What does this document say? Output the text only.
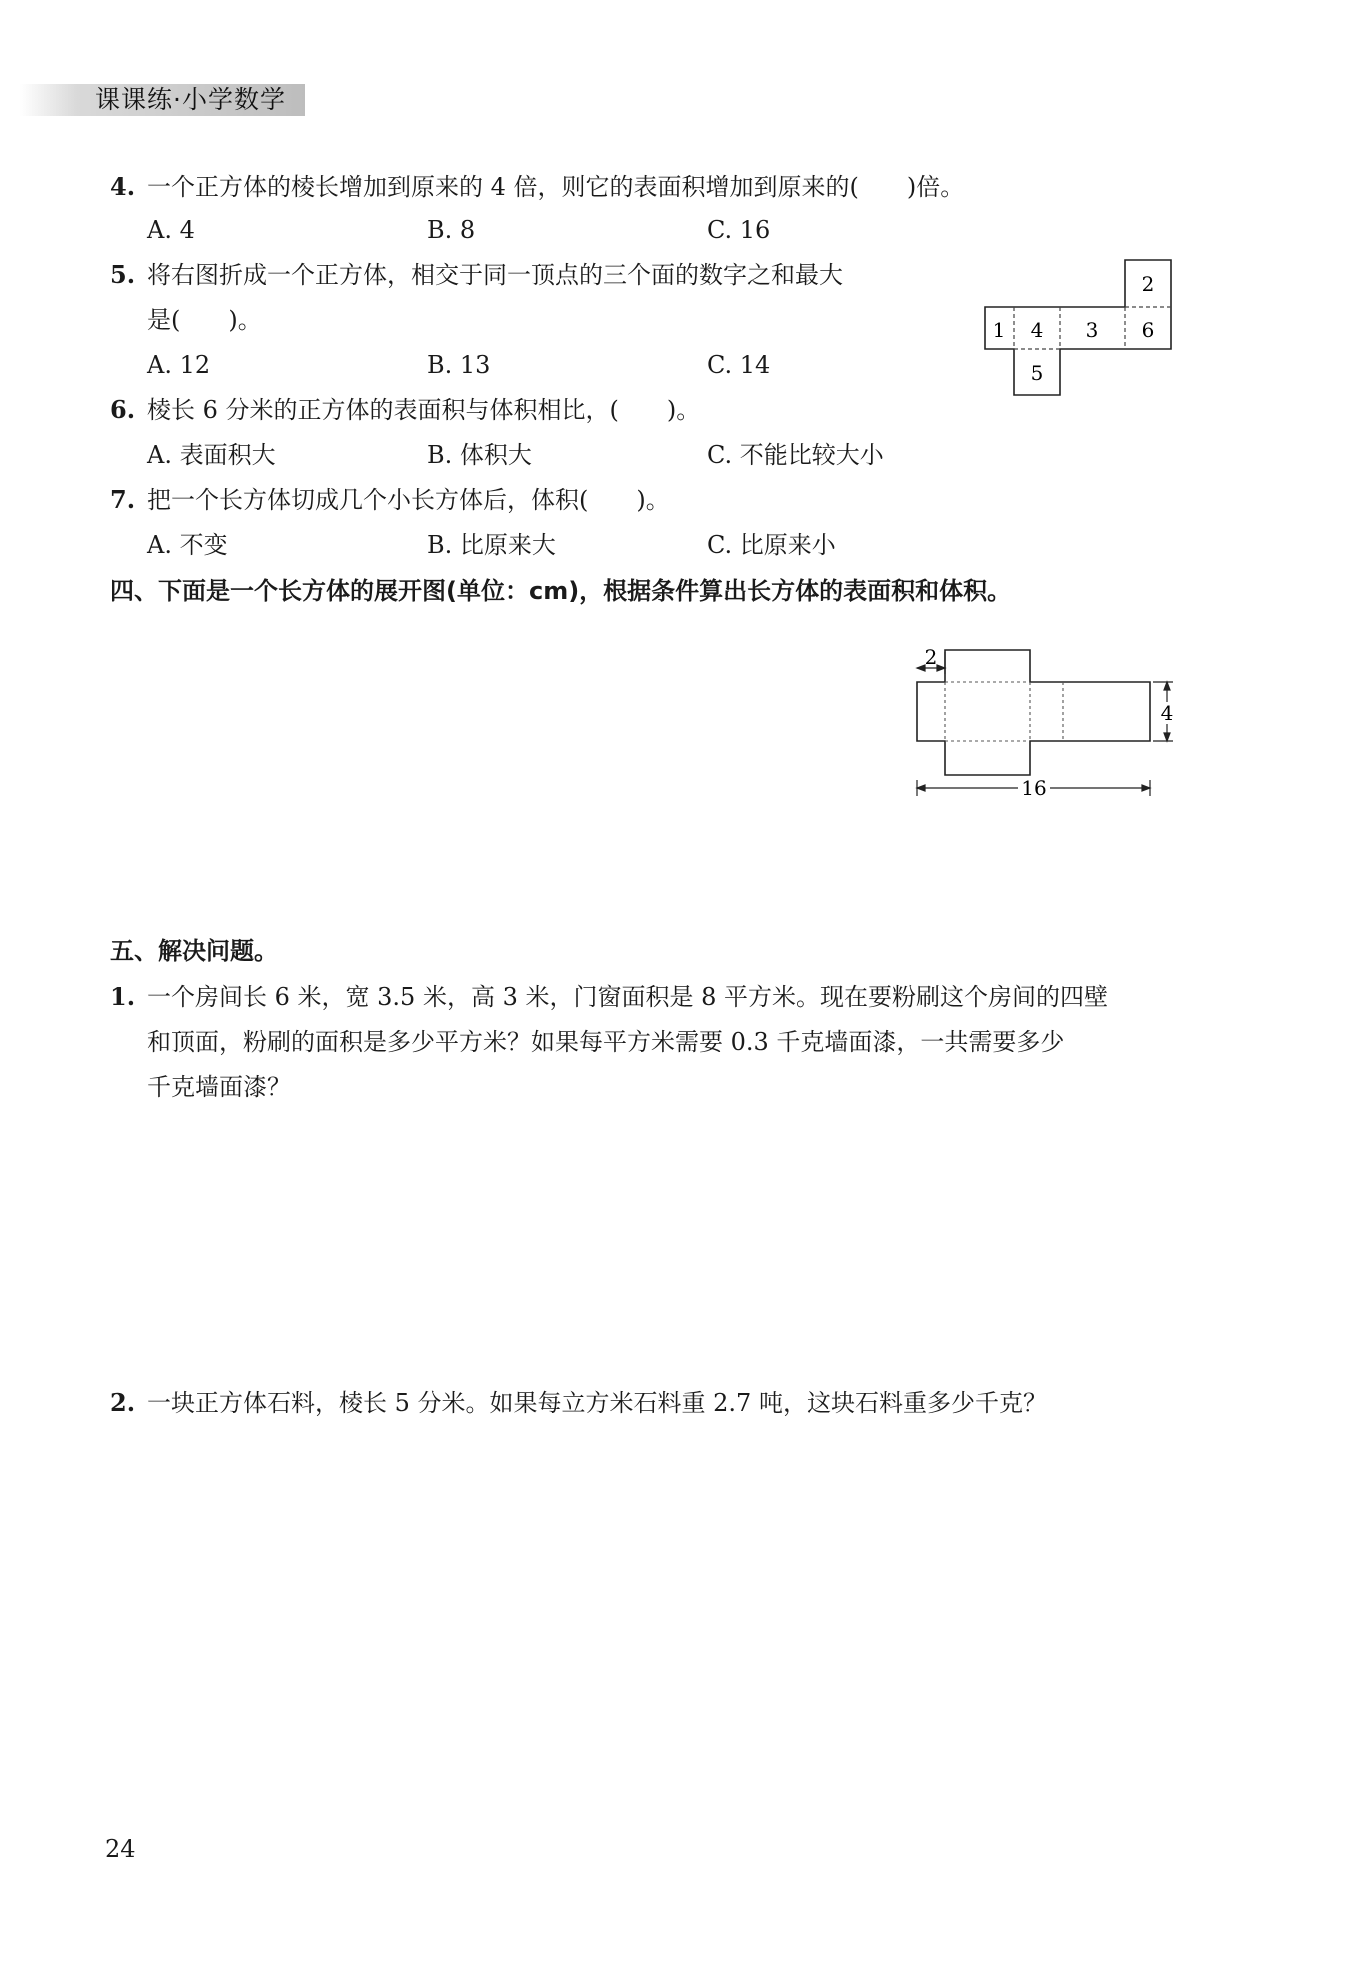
课课练·小学数学
4. 一个正方体的棱长增加到原来的 4 倍，则它的表面积增加到原来的(　　)倍。
A. 4	B. 8	C. 16
5. 将右图折成一个正方体，相交于同一顶点的三个面的数字之和最大
是(　　)。
A. 12	B. 13	C. 14
1 4 3 6
2
5
6. 棱长 6 分米的正方体的表面积与体积相比，(　　)。
A. 表面积大	B. 体积大	C. 不能比较大小
7. 把一个长方体切成几个小长方体后，体积(　　)。
A. 不变	B. 比原来大	C. 比原来小
四、下面是一个长方体的展开图(单位：cm)，根据条件算出长方体的表面积和体积。
2
4
16
五、解决问题。
1. 一个房间长 6 米，宽 3.5 米，高 3 米，门窗面积是 8 平方米。现在要粉刷这个房间的四壁
和顶面，粉刷的面积是多少平方米？如果每平方米需要 0.3 千克墙面漆，一共需要多少
千克墙面漆？
2. 一块正方体石料，棱长 5 分米。如果每立方米石料重 2.7 吨，这块石料重多少千克？
24
